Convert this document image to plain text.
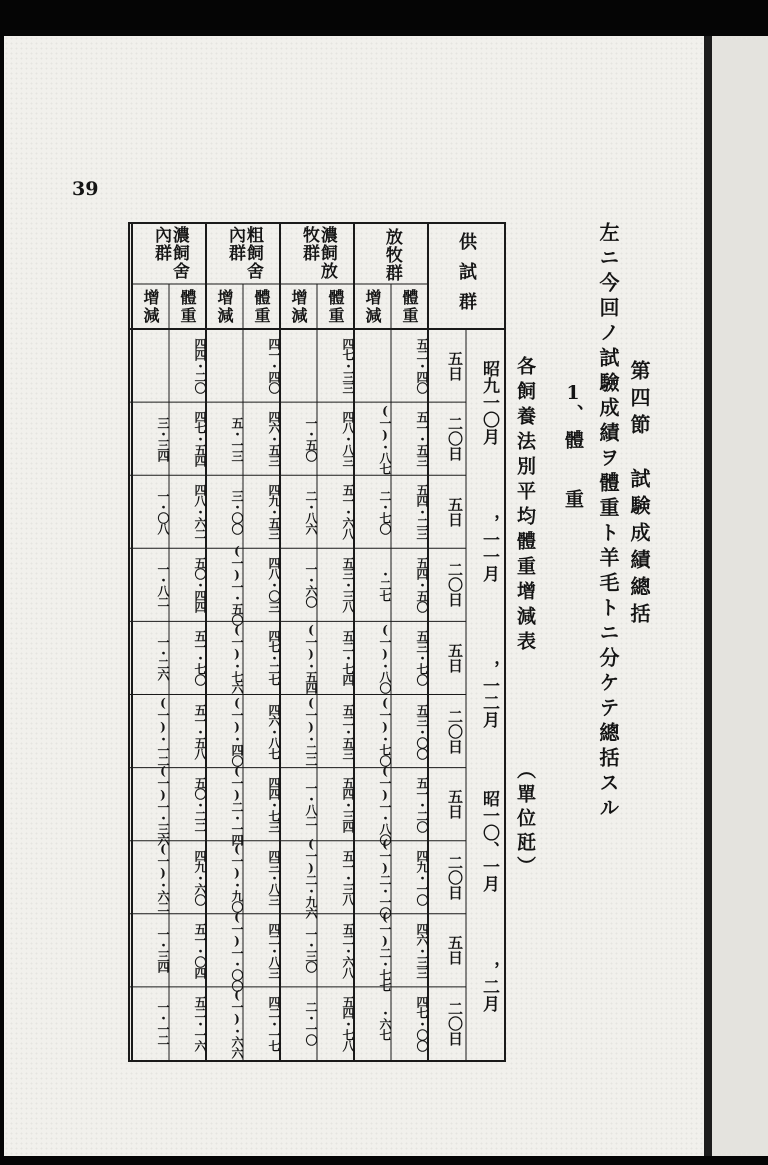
39
第四節　試験成績總括
左ニ今回ノ試驗成績ヲ體重ト羊毛トニ分ケテ總括スル
1、
體重
各飼養法別平均體重增減表
（單位瓩）
放牧群
體重
增減
五二・四〇
五一・五三
(一)・八七
五四・二三
二・七〇
五四・五〇
・二七
五三・七〇
(一)・八〇
五三・〇〇
(一)・七〇
五一・二〇
(一)一・八〇
四九・一〇
(一)二・一〇
四六・三三
(一)二・七七
四七・〇〇
・六七
濃飼放牧群
體重
增減
四七・三三
四八・八三
一・五〇
五一・六八
二・八六
五三・三八
一・六〇
五二・七四
(一)・五四
五二・五三
(一)・二二
五四・三四
一・八二
五一・三八
(一)二・九六
五二・六八
一・三〇
五四・七八
二・一〇
粗飼舍內群
體重
增減
四一・四〇
四六・五三
五・一三
四九・五三
三・〇〇
四八・〇三
(一)一・五〇
四七・二七
(一)・七六
四六・八七
(一)・四〇
四四・七三
(一)二・一四
四三・八三
(一)・九〇
四二・八三
(一)一・〇〇
四二・一七
(一)・六六
濃飼舍內群
體重
增減
四四・二〇
四七・五四
三・三四
四八・六二
一・〇八
五〇・四四
一・八二
五一・七〇
一・二六
五一・五八
(一)・一二
五〇・二二
(一)一・三六
四九・六〇
(一)・六二
五一・〇四
一・三四
五二・一六
一・一二
昭九一〇月
，一一月
，一二月
昭一〇、一月
，二月
五日
二〇日
五日
二〇日
五日
二〇日
五日
二〇日
五日
二〇日
供試群
